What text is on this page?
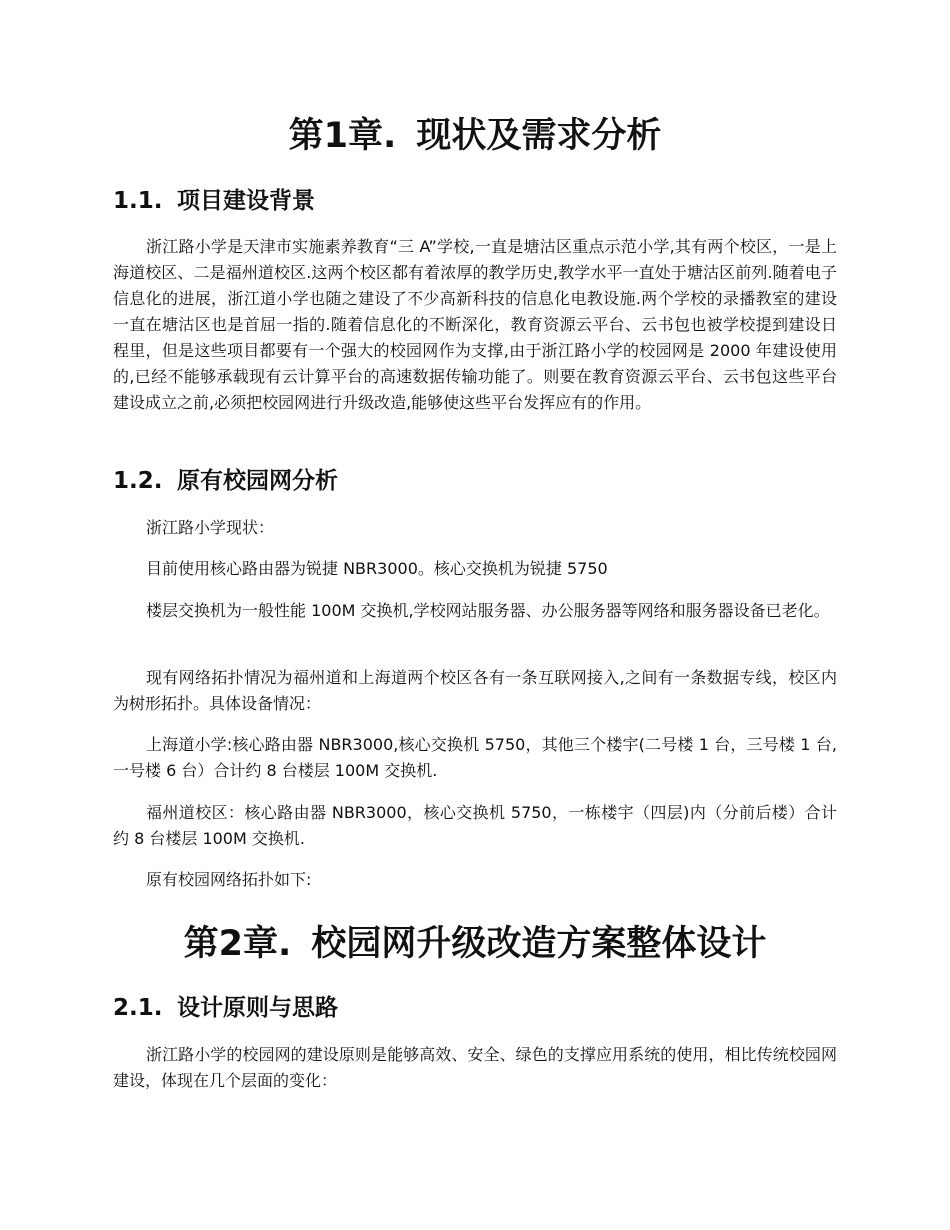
第1章. 现状及需求分析
1.1. 项目建设背景

浙江路小学是天津市实施素养教育“三 A”学校,一直是塘沽区重点示范小学,其有两个校区，一是上海道校区、二是福州道校区.这两个校区都有着浓厚的教学历史,教学水平一直处于塘沽区前列.随着电子信息化的进展，浙江道小学也随之建设了不少高新科技的信息化电教设施.两个学校的录播教室的建设一直在塘沽区也是首屈一指的.随着信息化的不断深化，教育资源云平台、云书包也被学校提到建设日程里，但是这些项目都要有一个强大的校园网作为支撑,由于浙江路小学的校园网是 2000 年建设使用的,已经不能够承载现有云计算平台的高速数据传输功能了。则要在教育资源云平台、云书包这些平台建设成立之前,必须把校园网进行升级改造,能够使这些平台发挥应有的作用。

1.2. 原有校园网分析

浙江路小学现状：

目前使用核心路由器为锐捷 NBR3000。核心交换机为锐捷 5750

楼层交换机为一般性能 100M 交换机,学校网站服务器、办公服务器等网络和服务器设备已老化。

现有网络拓扑情况为福州道和上海道两个校区各有一条互联网接入,之间有一条数据专线，校区内为树形拓扑。具体设备情况：

上海道小学:核心路由器 NBR3000,核心交换机 5750，其他三个楼宇(二号楼 1 台，三号楼 1 台,一号楼 6 台）合计约 8 台楼层 100M 交换机.

福州道校区：核心路由器 NBR3000，核心交换机 5750，一栋楼宇（四层)内（分前后楼）合计约 8 台楼层 100M 交换机.

原有校园网络拓扑如下:

第2章. 校园网升级改造方案整体设计
2.1. 设计原则与思路

浙江路小学的校园网的建设原则是能够高效、安全、绿色的支撑应用系统的使用，相比传统校园网建设，体现在几个层面的变化：
